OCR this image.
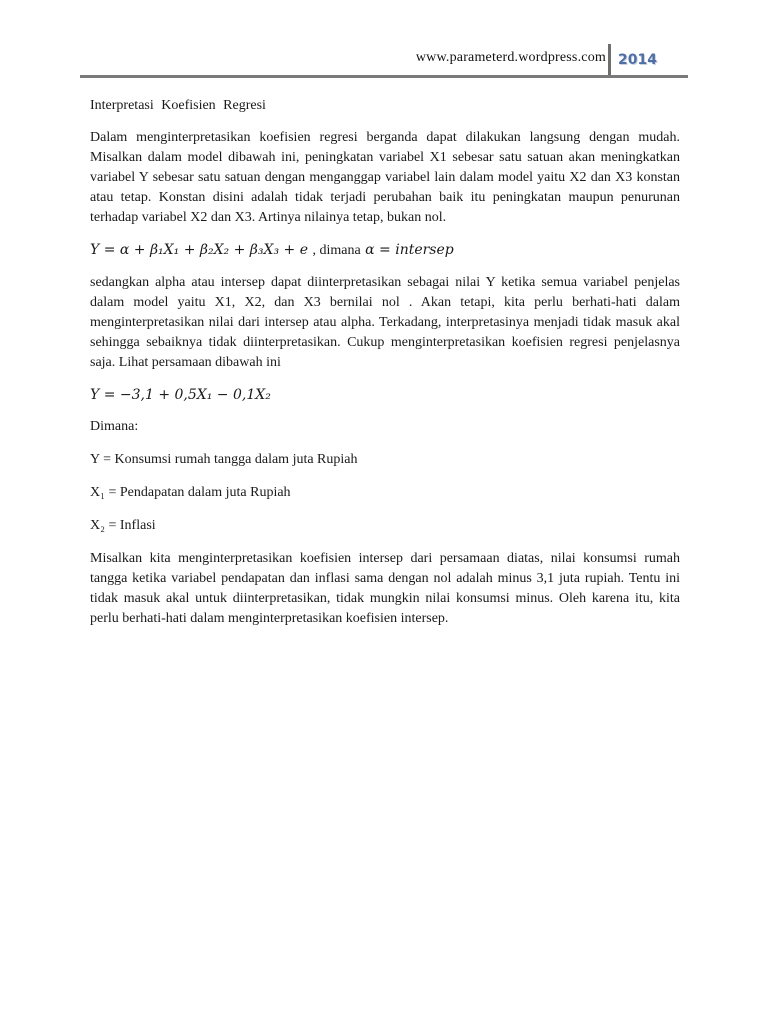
www.parameterd.wordpress.com 2014
Interpretasi Koefisien Regresi

Dalam menginterpretasikan koefisien regresi berganda dapat dilakukan langsung dengan mudah. Misalkan dalam model dibawah ini, peningkatan variabel X1 sebesar satu satuan akan meningkatkan variabel Y sebesar satu satuan dengan menganggap variabel lain dalam model yaitu X2 dan X3 konstan atau tetap. Konstan disini adalah tidak terjadi perubahan baik itu peningkatan maupun penurunan terhadap variabel X2 dan X3. Artinya nilainya tetap, bukan nol.

Y = α + β₁X₁ + β₂X₂ + β₃X₃ + e , dimana α = intersep

sedangkan alpha atau intersep dapat diinterpretasikan sebagai nilai Y ketika semua variabel penjelas dalam model yaitu X1, X2, dan X3 bernilai nol . Akan tetapi, kita perlu berhati-hati dalam menginterpretasikan nilai dari intersep atau alpha. Terkadang, interpretasinya menjadi tidak masuk akal sehingga sebaiknya tidak diinterpretasikan. Cukup menginterpretasikan koefisien regresi penjelasnya saja. Lihat persamaan dibawah ini

Y = −3,1 + 0,5X₁ − 0,1X₂
Dimana:
Y = Konsumsi rumah tangga dalam juta Rupiah
X₁ = Pendapatan dalam juta Rupiah
X₂ = Inflasi

Misalkan kita menginterpretasikan koefisien intersep dari persamaan diatas, nilai konsumsi rumah tangga ketika variabel pendapatan dan inflasi sama dengan nol adalah minus 3,1 juta rupiah. Tentu ini tidak masuk akal untuk diinterpretasikan, tidak mungkin nilai konsumsi minus. Oleh karena itu, kita perlu berhati-hati dalam menginterpretasikan koefisien intersep.
